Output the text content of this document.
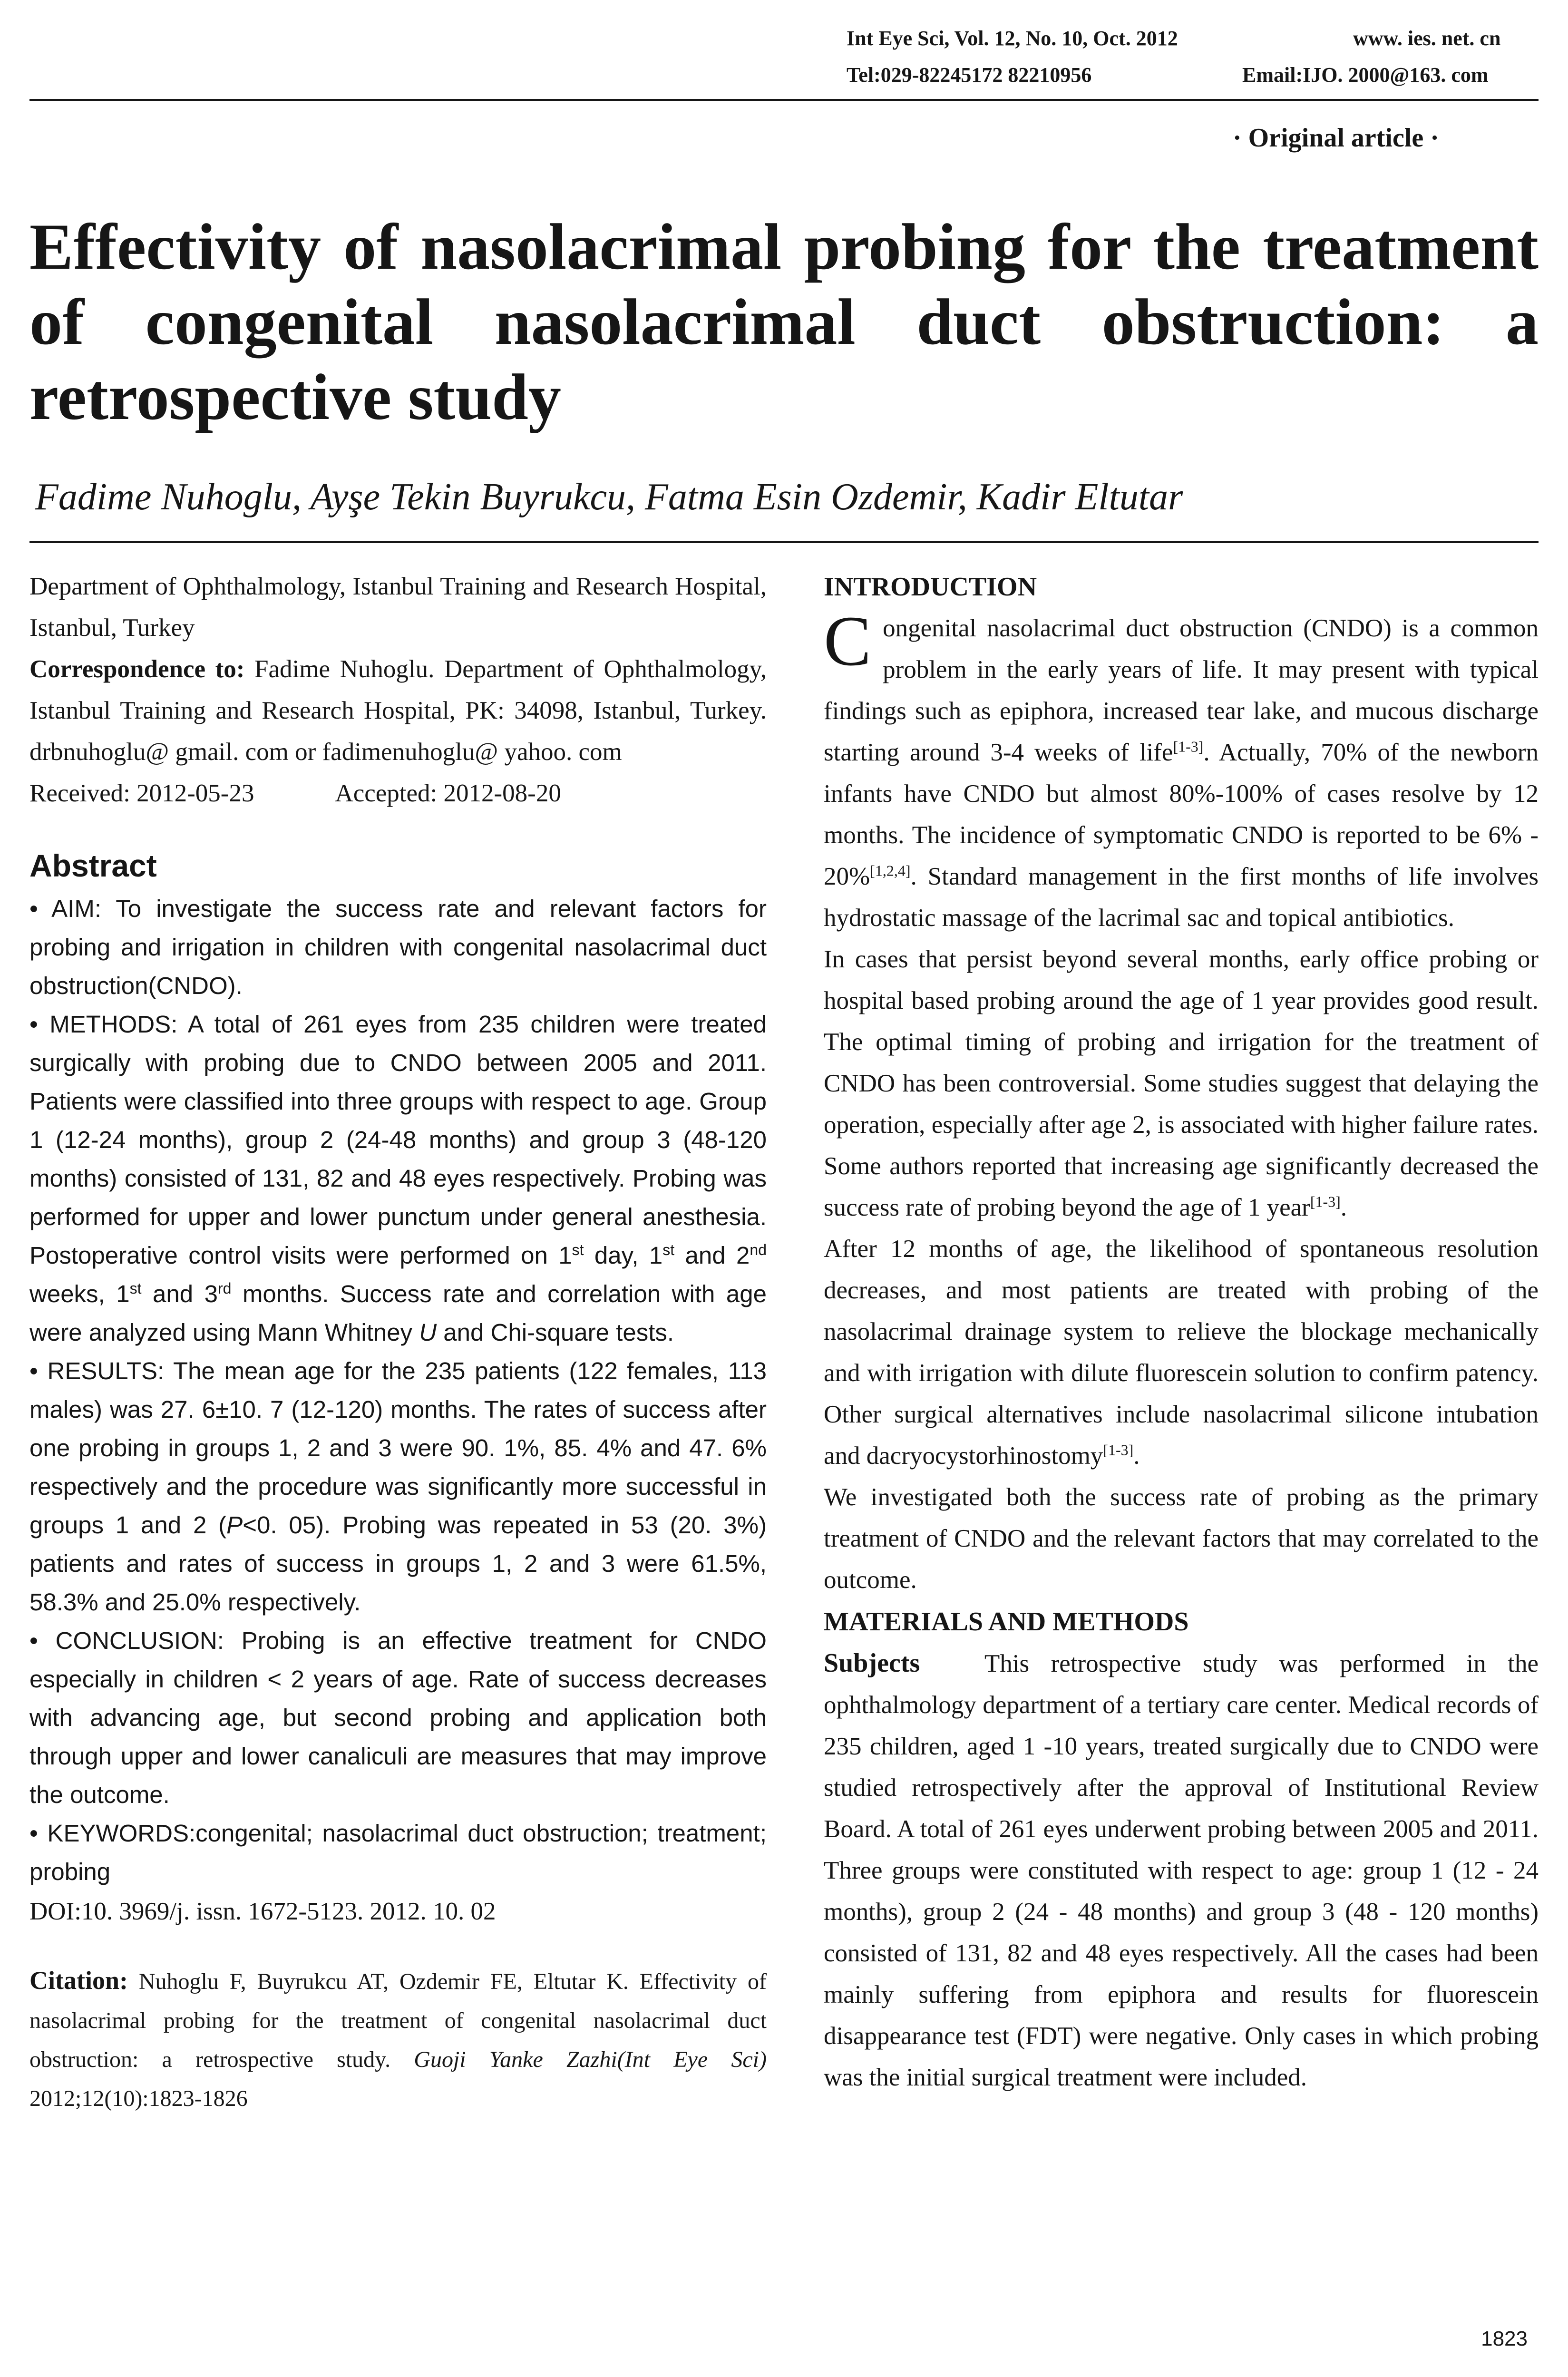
Int Eye Sci, Vol. 12, No. 10, Oct. 2012	www. ies. net. cn
Tel:029-82245172 82210956	Email:IJO. 2000@163. com
· Original article ·
Effectivity of nasolacrimal probing for the treatment of congenital nasolacrimal duct obstruction: a retrospective study
Fadime Nuhoglu, Ayşe Tekin Buyrukcu, Fatma Esin Ozdemir, Kadir Eltutar

Department of Ophthalmology, Istanbul Training and Research Hospital, Istanbul, Turkey

Correspondence to: Fadime Nuhoglu. Department of Ophthalmology, Istanbul Training and Research Hospital, PK: 34098, Istanbul, Turkey. drbnuhoglu@ gmail. com or fadimenuhoglu@ yahoo. com

Received: 2012-05-23	Accepted: 2012-08-20

Abstract

• AIM: To investigate the success rate and relevant factors for probing and irrigation in children with congenital nasolacrimal duct obstruction(CNDO).

• METHODS: A total of 261 eyes from 235 children were treated surgically with probing due to CNDO between 2005 and 2011. Patients were classified into three groups with respect to age. Group 1 (12-24 months), group 2 (24-48 months) and group 3 (48-120 months) consisted of 131, 82 and 48 eyes respectively. Probing was performed for upper and lower punctum under general anesthesia. Postoperative control visits were performed on 1st day, 1st and 2nd weeks, 1st and 3rd months. Success rate and correlation with age were analyzed using Mann Whitney U and Chi-square tests.

• RESULTS: The mean age for the 235 patients (122 females, 113 males) was 27. 6±10. 7 (12-120) months. The rates of success after one probing in groups 1, 2 and 3 were 90. 1%, 85. 4% and 47. 6% respectively and the procedure was significantly more successful in groups 1 and 2 (P<0. 05). Probing was repeated in 53 (20. 3%) patients and rates of success in groups 1, 2 and 3 were 61.5%, 58.3% and 25.0% respectively.

• CONCLUSION: Probing is an effective treatment for CNDO especially in children < 2 years of age. Rate of success decreases with advancing age, but second probing and application both through upper and lower canaliculi are measures that may improve the outcome.

• KEYWORDS:congenital; nasolacrimal duct obstruction; treatment; probing

DOI:10. 3969/j. issn. 1672-5123. 2012. 10. 02

Citation: Nuhoglu F, Buyrukcu AT, Ozdemir FE, Eltutar K. Effectivity of nasolacrimal probing for the treatment of congenital nasolacrimal duct obstruction: a retrospective study. Guoji Yanke Zazhi(Int Eye Sci) 2012;12(10):1823-1826

INTRODUCTION

Congenital nasolacrimal duct obstruction (CNDO) is a common problem in the early years of life. It may present with typical findings such as epiphora, increased tear lake, and mucous discharge starting around 3-4 weeks of life[1-3]. Actually, 70% of the newborn infants have CNDO but almost 80%-100% of cases resolve by 12 months. The incidence of symptomatic CNDO is reported to be 6% - 20%[1,2,4]. Standard management in the first months of life involves hydrostatic massage of the lacrimal sac and topical antibiotics.

In cases that persist beyond several months, early office probing or hospital based probing around the age of 1 year provides good result. The optimal timing of probing and irrigation for the treatment of CNDO has been controversial. Some studies suggest that delaying the operation, especially after age 2, is associated with higher failure rates. Some authors reported that increasing age significantly decreased the success rate of probing beyond the age of 1 year[1-3].

After 12 months of age, the likelihood of spontaneous resolution decreases, and most patients are treated with probing of the nasolacrimal drainage system to relieve the blockage mechanically and with irrigation with dilute fluorescein solution to confirm patency. Other surgical alternatives include nasolacrimal silicone intubation and dacryocystorhinostomy[1-3].

We investigated both the success rate of probing as the primary treatment of CNDO and the relevant factors that may correlated to the outcome.

MATERIALS AND METHODS

Subjects   This retrospective study was performed in the ophthalmology department of a tertiary care center. Medical records of 235 children, aged 1 -10 years, treated surgically due to CNDO were studied retrospectively after the approval of Institutional Review Board. A total of 261 eyes underwent probing between 2005 and 2011. Three groups were constituted with respect to age: group 1 (12 - 24 months), group 2 (24 - 48 months) and group 3 (48 - 120 months) consisted of 131, 82 and 48 eyes respectively. All the cases had been mainly suffering from epiphora and results for fluorescein disappearance test (FDT) were negative. Only cases in which probing was the initial surgical treatment were included.

1823
